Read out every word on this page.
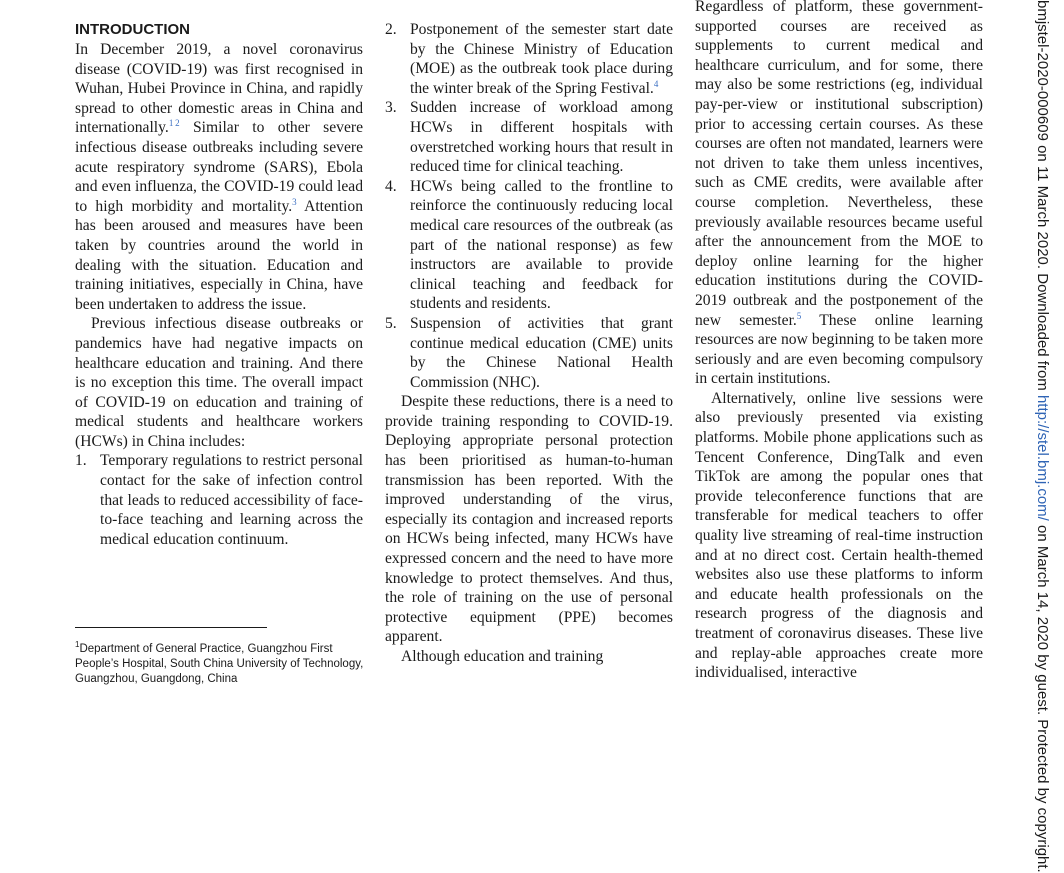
INTRODUCTION

In December 2019, a novel coronavirus disease (COVID-19) was first recognised in Wuhan, Hubei Province in China, and rapidly spread to other domestic areas in China and internationally.$^1$  $^2$ Similar to other severe infectious disease outbreaks including severe acute respiratory syndrome (SARS), Ebola and even influenza, the COVID-19 could lead to high morbidity and mortality.$^3$ Attention has been aroused and measures have been taken by countries around the world in dealing with the situation. Education and training initiatives, especially in China, have been undertaken to address the issue.

Previous infectious disease outbreaks or pandemics have had negative impacts on healthcare education and training. And there is no exception this time. The overall impact of COVID-19 on education and training of medical students and healthcare workers (HCWs) in China includes:

1. Temporary regulations to restrict personal contact for the sake of infection control that leads to reduced accessibility of face-to-face teaching and learning across the medical education continuum.
2. Postponement of the semester start date by the Chinese Ministry of Education (MOE) as the outbreak took place during the winter break of the Spring Festival.$^4$
3. Sudden increase of workload among HCWs in different hospitals with overstretched working hours that result in reduced time for clinical teaching.
4. HCWs being called to the frontline to reinforce the continuously reducing local medical care resources of the outbreak (as part of the national response) as few instructors are available to provide clinical teaching and feedback for students and residents.
5. Suspension of activities that grant continue medical education (CME) units by the Chinese National Health Commission (NHC).

Despite these reductions, there is a need to provide training responding to COVID-19. Deploying appropriate personal protection has been prioritised as human-to-human transmission has been reported. With the improved understanding of the virus, especially its contagion and increased reports on HCWs being infected, many HCWs have expressed concern and the need to have more knowledge to protect themselves. And thus, the role of training on the use of personal protective equipment (PPE) becomes apparent.

Although education and training

Regardless of platform, these government-supported courses are received as supplements to current medical and healthcare curriculum, and for some, there may also be some restrictions (eg, individual pay-per-view or institutional subscription) prior to accessing certain courses. As these courses are often not mandated, learners were not driven to take them unless incentives, such as CME credits, were available after course completion. Nevertheless, these previously available resources became useful after the announcement from the MOE to deploy online learning for the higher education institutions during the COVID-2019 outbreak and the postponement of the new semester.$^5$ These online learning resources are now beginning to be taken more seriously and are even becoming compulsory in certain institutions.

Alternatively, online live sessions were also previously presented via existing platforms. Mobile phone applications such as Tencent Conference, DingTalk and even TikTok are among the popular ones that provide teleconference functions that are transferable for medical teachers to offer quality live streaming of real-time instruction and at no direct cost. Certain health-themed websites also use these platforms to inform and educate health professionals on the research progress of the diagnosis and treatment of coronavirus diseases. These live and replay-able approaches create more individualised, interactive

$^1$Department of General Practice, Guangzhou First People’s Hospital, South China University of Technology, Guangzhou, Guangdong, China

bmjstel-2020-000609 on 11 March 2020. Downloaded from http://stel.bmj.com/ on March 14, 2020 by guest. Protected by copyright.
